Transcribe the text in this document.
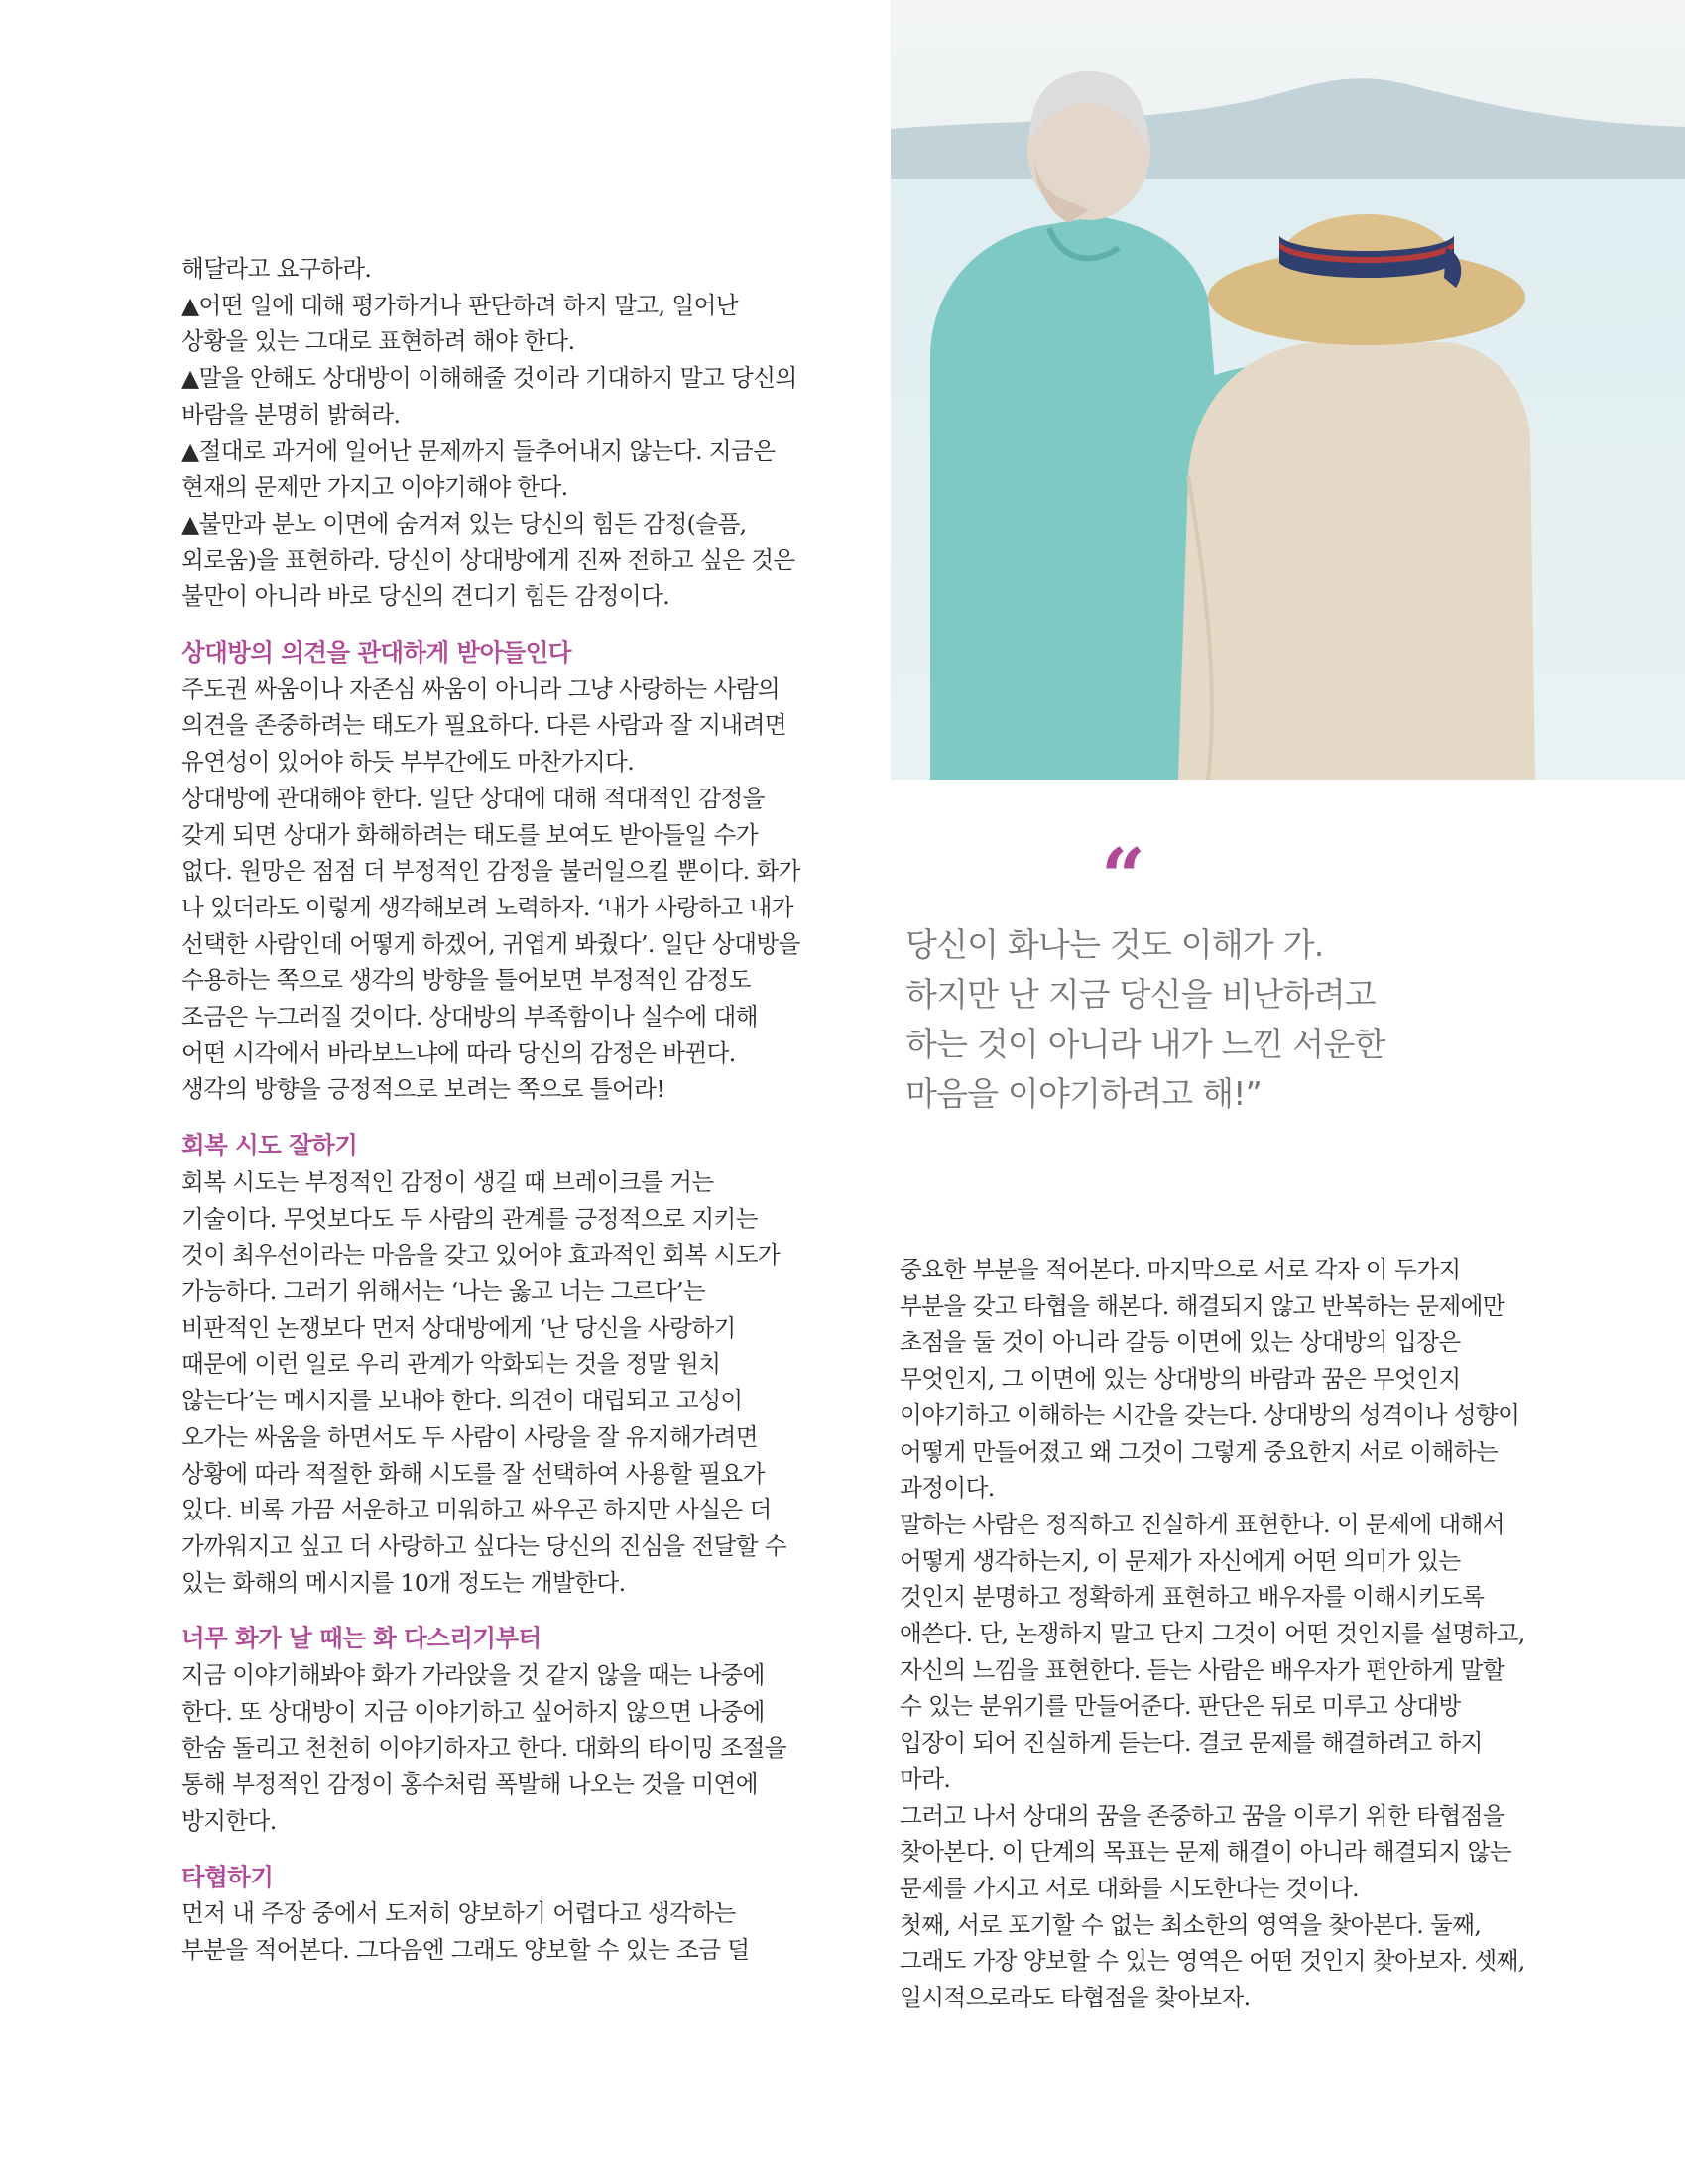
해달라고 요구하라.
▲어떤 일에 대해 평가하거나 판단하려 하지 말고, 일어난
상황을 있는 그대로 표현하려 해야 한다.
▲말을 안해도 상대방이 이해해줄 것이라 기대하지 말고 당신의
바람을 분명히 밝혀라.
▲절대로 과거에 일어난 문제까지 들추어내지 않는다. 지금은
현재의 문제만 가지고 이야기해야 한다.
▲불만과 분노 이면에 숨겨져 있는 당신의 힘든 감정(슬픔,
외로움)을 표현하라. 당신이 상대방에게 진짜 전하고 싶은 것은
불만이 아니라 바로 당신의 견디기 힘든 감정이다.
상대방의 의견을 관대하게 받아들인다
주도권 싸움이나 자존심 싸움이 아니라 그냥 사랑하는 사람의
의견을 존중하려는 태도가 필요하다. 다른 사람과 잘 지내려면
유연성이 있어야 하듯 부부간에도 마찬가지다.
상대방에 관대해야 한다. 일단 상대에 대해 적대적인 감정을
갖게 되면 상대가 화해하려는 태도를 보여도 받아들일 수가
없다. 원망은 점점 더 부정적인 감정을 불러일으킬 뿐이다. 화가
나 있더라도 이렇게 생각해보려 노력하자. ‘내가 사랑하고 내가
선택한 사람인데 어떻게 하겠어, 귀엽게 봐줬다’. 일단 상대방을
수용하는 쪽으로 생각의 방향을 틀어보면 부정적인 감정도
조금은 누그러질 것이다. 상대방의 부족함이나 실수에 대해
어떤 시각에서 바라보느냐에 따라 당신의 감정은 바뀐다.
생각의 방향을 긍정적으로 보려는 쪽으로 틀어라!
회복 시도 잘하기
회복 시도는 부정적인 감정이 생길 때 브레이크를 거는
기술이다. 무엇보다도 두 사람의 관계를 긍정적으로 지키는
것이 최우선이라는 마음을 갖고 있어야 효과적인 회복 시도가
가능하다. 그러기 위해서는 ‘나는 옳고 너는 그르다’는
비판적인 논쟁보다 먼저 상대방에게 ‘난 당신을 사랑하기
때문에 이런 일로 우리 관계가 악화되는 것을 정말 원치
않는다’는 메시지를 보내야 한다. 의견이 대립되고 고성이
오가는 싸움을 하면서도 두 사람이 사랑을 잘 유지해가려면
상황에 따라 적절한 화해 시도를 잘 선택하여 사용할 필요가
있다. 비록 가끔 서운하고 미워하고 싸우곤 하지만 사실은 더
가까워지고 싶고 더 사랑하고 싶다는 당신의 진심을 전달할 수
있는 화해의 메시지를 10개 정도는 개발한다.
너무 화가 날 때는 화 다스리기부터
지금 이야기해봐야 화가 가라앉을 것 같지 않을 때는 나중에
한다. 또 상대방이 지금 이야기하고 싶어하지 않으면 나중에
한숨 돌리고 천천히 이야기하자고 한다. 대화의 타이밍 조절을
통해 부정적인 감정이 홍수처럼 폭발해 나오는 것을 미연에
방지한다.
타협하기
먼저 내 주장 중에서 도저히 양보하기 어렵다고 생각하는
부분을 적어본다. 그다음엔 그래도 양보할 수 있는 조금 덜
“
당신이 화나는 것도 이해가 가.
하지만 난 지금 당신을 비난하려고
하는 것이 아니라 내가 느낀 서운한
마음을 이야기하려고 해!”
중요한 부분을 적어본다. 마지막으로 서로 각자 이 두가지
부분을 갖고 타협을 해본다. 해결되지 않고 반복하는 문제에만
초점을 둘 것이 아니라 갈등 이면에 있는 상대방의 입장은
무엇인지, 그 이면에 있는 상대방의 바람과 꿈은 무엇인지
이야기하고 이해하는 시간을 갖는다. 상대방의 성격이나 성향이
어떻게 만들어졌고 왜 그것이 그렇게 중요한지 서로 이해하는
과정이다.
말하는 사람은 정직하고 진실하게 표현한다. 이 문제에 대해서
어떻게 생각하는지, 이 문제가 자신에게 어떤 의미가 있는
것인지 분명하고 정확하게 표현하고 배우자를 이해시키도록
애쓴다. 단, 논쟁하지 말고 단지 그것이 어떤 것인지를 설명하고,
자신의 느낌을 표현한다. 듣는 사람은 배우자가 편안하게 말할
수 있는 분위기를 만들어준다. 판단은 뒤로 미루고 상대방
입장이 되어 진실하게 듣는다. 결코 문제를 해결하려고 하지
마라.
그러고 나서 상대의 꿈을 존중하고 꿈을 이루기 위한 타협점을
찾아본다. 이 단계의 목표는 문제 해결이 아니라 해결되지 않는
문제를 가지고 서로 대화를 시도한다는 것이다.
첫째, 서로 포기할 수 없는 최소한의 영역을 찾아본다. 둘째,
그래도 가장 양보할 수 있는 영역은 어떤 것인지 찾아보자. 셋째,
일시적으로라도 타협점을 찾아보자.
